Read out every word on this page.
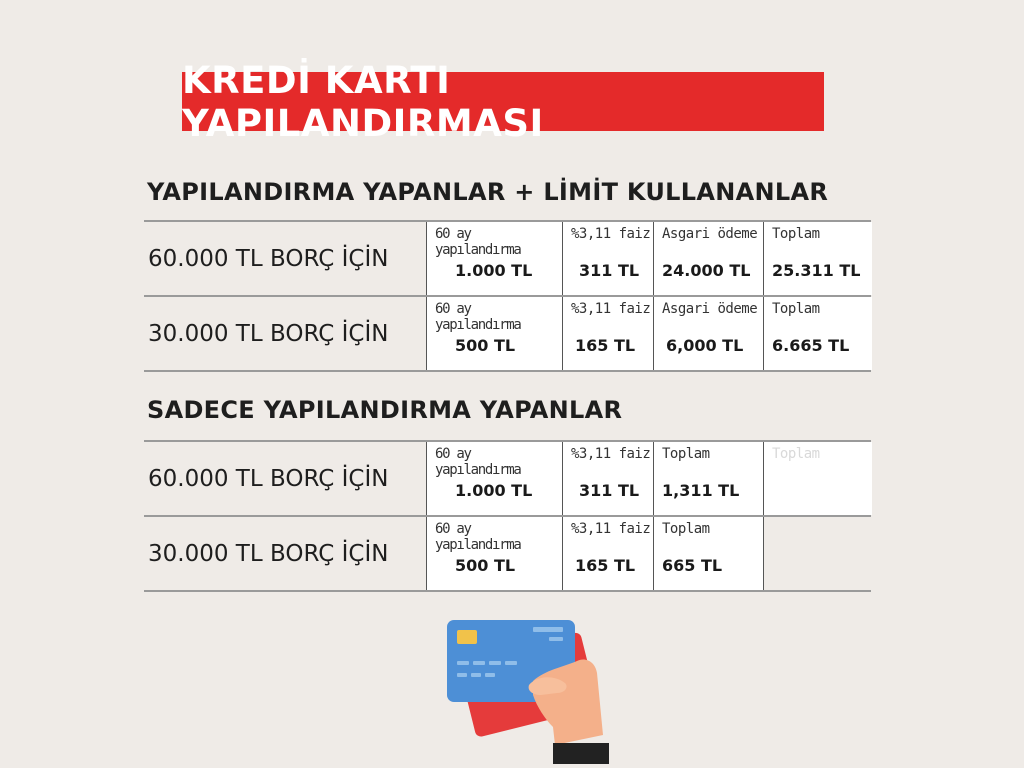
KREDİ KARTI YAPILANDIRMASI
YAPILANDIRMA YAPANLAR + LİMİT KULLANANLAR
60.000 TL BORÇ İÇİN
60 ay yapılandırma
1.000 TL
%3,11 faiz
311 TL
Asgari ödeme
24.000 TL
Toplam
25.311 TL
30.000 TL BORÇ İÇİN
60 ay yapılandırma
500 TL
%3,11 faiz
165 TL
Asgari ödeme
6,000 TL
Toplam
6.665 TL
SADECE YAPILANDIRMA YAPANLAR
60.000 TL BORÇ İÇİN
60 ay yapılandırma
1.000 TL
%3,11 faiz
311 TL
Toplam
1,311 TL
Toplam
30.000 TL BORÇ İÇİN
60 ay yapılandırma
500 TL
%3,11 faiz
165 TL
Toplam
665 TL
